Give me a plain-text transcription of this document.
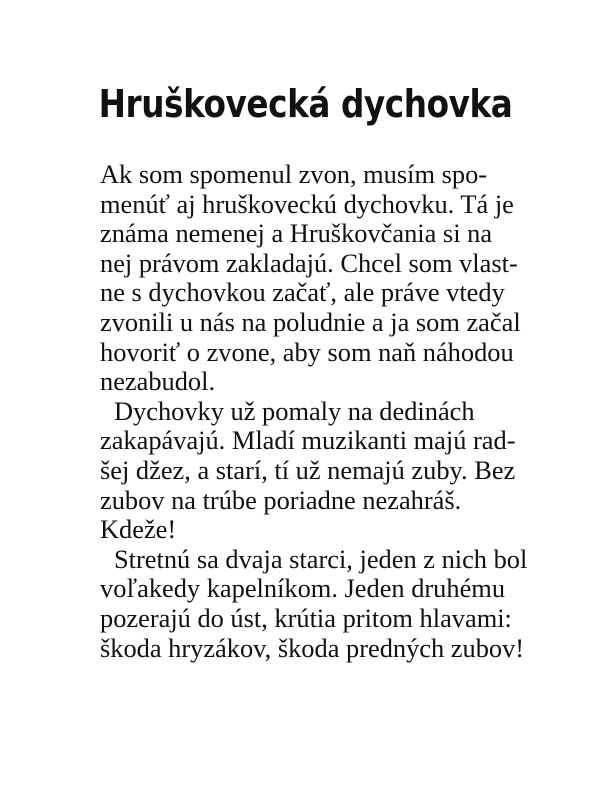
Hruškovecká dychovka
Ak som spomenul zvon, musím spo-
menúť aj hruškoveckú dychovku. Tá je
známa nemenej a Hruškovčania si na
nej právom zakladajú. Chcel som vlast-
ne s dychovkou začať, ale práve vtedy
zvonili u nás na poludnie a ja som začal
hovoriť o zvone, aby som naň náhodou
nezabudol.
Dychovky už pomaly na dedinách
zakapávajú. Mladí muzikanti majú rad-
šej džez, a starí, tí už nemajú zuby. Bez
zubov na trúbe poriadne nezahráš.
Kdeže!
Stretnú sa dvaja starci, jeden z nich bol
voľakedy kapelníkom. Jeden druhému
pozerajú do úst, krútia pritom hlavami:
škoda hryzákov, škoda predných zubov!
